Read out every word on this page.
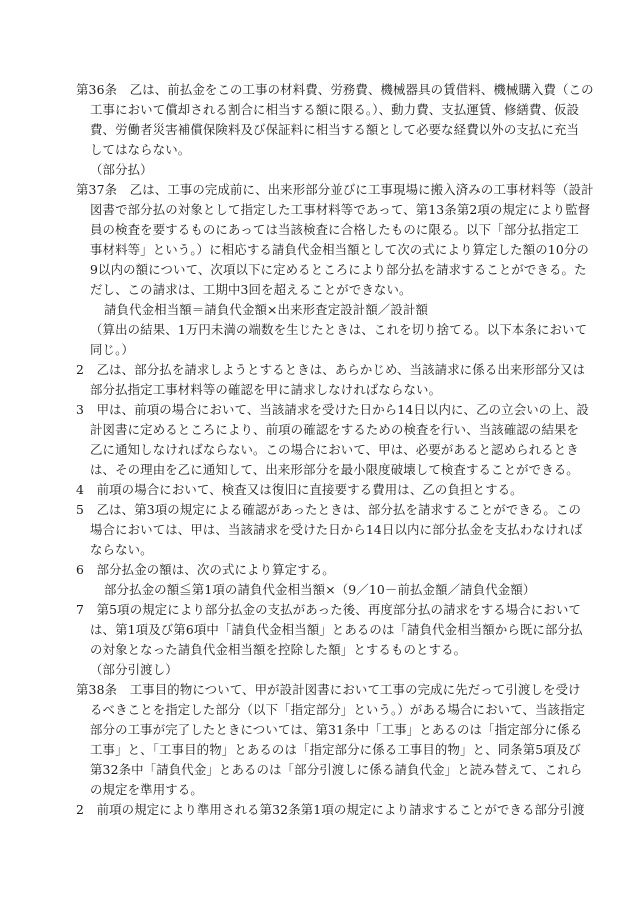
第36条　乙は、前払金をこの工事の材料費、労務費、機械器具の賃借料、機械購入費（この
工事において償却される割合に相当する額に限る。）、動力費、支払運賃、修繕費、仮設
費、労働者災害補償保険料及び保証料に相当する額として必要な経費以外の支払に充当
してはならない。
（部分払）
第37条　乙は、工事の完成前に、出来形部分並びに工事現場に搬入済みの工事材料等（設計
図書で部分払の対象として指定した工事材料等であって、第13条第2項の規定により監督
員の検査を要するものにあっては当該検査に合格したものに限る。以下「部分払指定工
事材料等」という。）に相応する請負代金相当額として次の式により算定した額の10分の
9以内の額について、次項以下に定めるところにより部分払を請求することができる。た
だし、この請求は、工期中3回を超えることができない。
請負代金相当額＝請負代金額×出来形査定設計額／設計額
（算出の結果、1万円未満の端数を生じたときは、これを切り捨てる。以下本条において
同じ。）
2　乙は、部分払を請求しようとするときは、あらかじめ、当該請求に係る出来形部分又は
部分払指定工事材料等の確認を甲に請求しなければならない。
3　甲は、前項の場合において、当該請求を受けた日から14日以内に、乙の立会いの上、設
計図書に定めるところにより、前項の確認をするための検査を行い、当該確認の結果を
乙に通知しなければならない。この場合において、甲は、必要があると認められるとき
は、その理由を乙に通知して、出来形部分を最小限度破壊して検査することができる。
4　前項の場合において、検査又は復旧に直接要する費用は、乙の負担とする。
5　乙は、第3項の規定による確認があったときは、部分払を請求することができる。この
場合においては、甲は、当該請求を受けた日から14日以内に部分払金を支払わなければ
ならない。
6　部分払金の額は、次の式により算定する。
部分払金の額≦第1項の請負代金相当額×（9／10－前払金額／請負代金額）
7　第5項の規定により部分払金の支払があった後、再度部分払の請求をする場合において
は、第1項及び第6項中「請負代金相当額」とあるのは「請負代金相当額から既に部分払
の対象となった請負代金相当額を控除した額」とするものとする。
（部分引渡し）
第38条　工事目的物について、甲が設計図書において工事の完成に先だって引渡しを受け
るべきことを指定した部分（以下「指定部分」という。）がある場合において、当該指定
部分の工事が完了したときについては、第31条中「工事」とあるのは「指定部分に係る
工事」と、「工事目的物」とあるのは「指定部分に係る工事目的物」と、同条第5項及び
第32条中「請負代金」とあるのは「部分引渡しに係る請負代金」と読み替えて、これら
の規定を準用する。
2　前項の規定により準用される第32条第1項の規定により請求することができる部分引渡
